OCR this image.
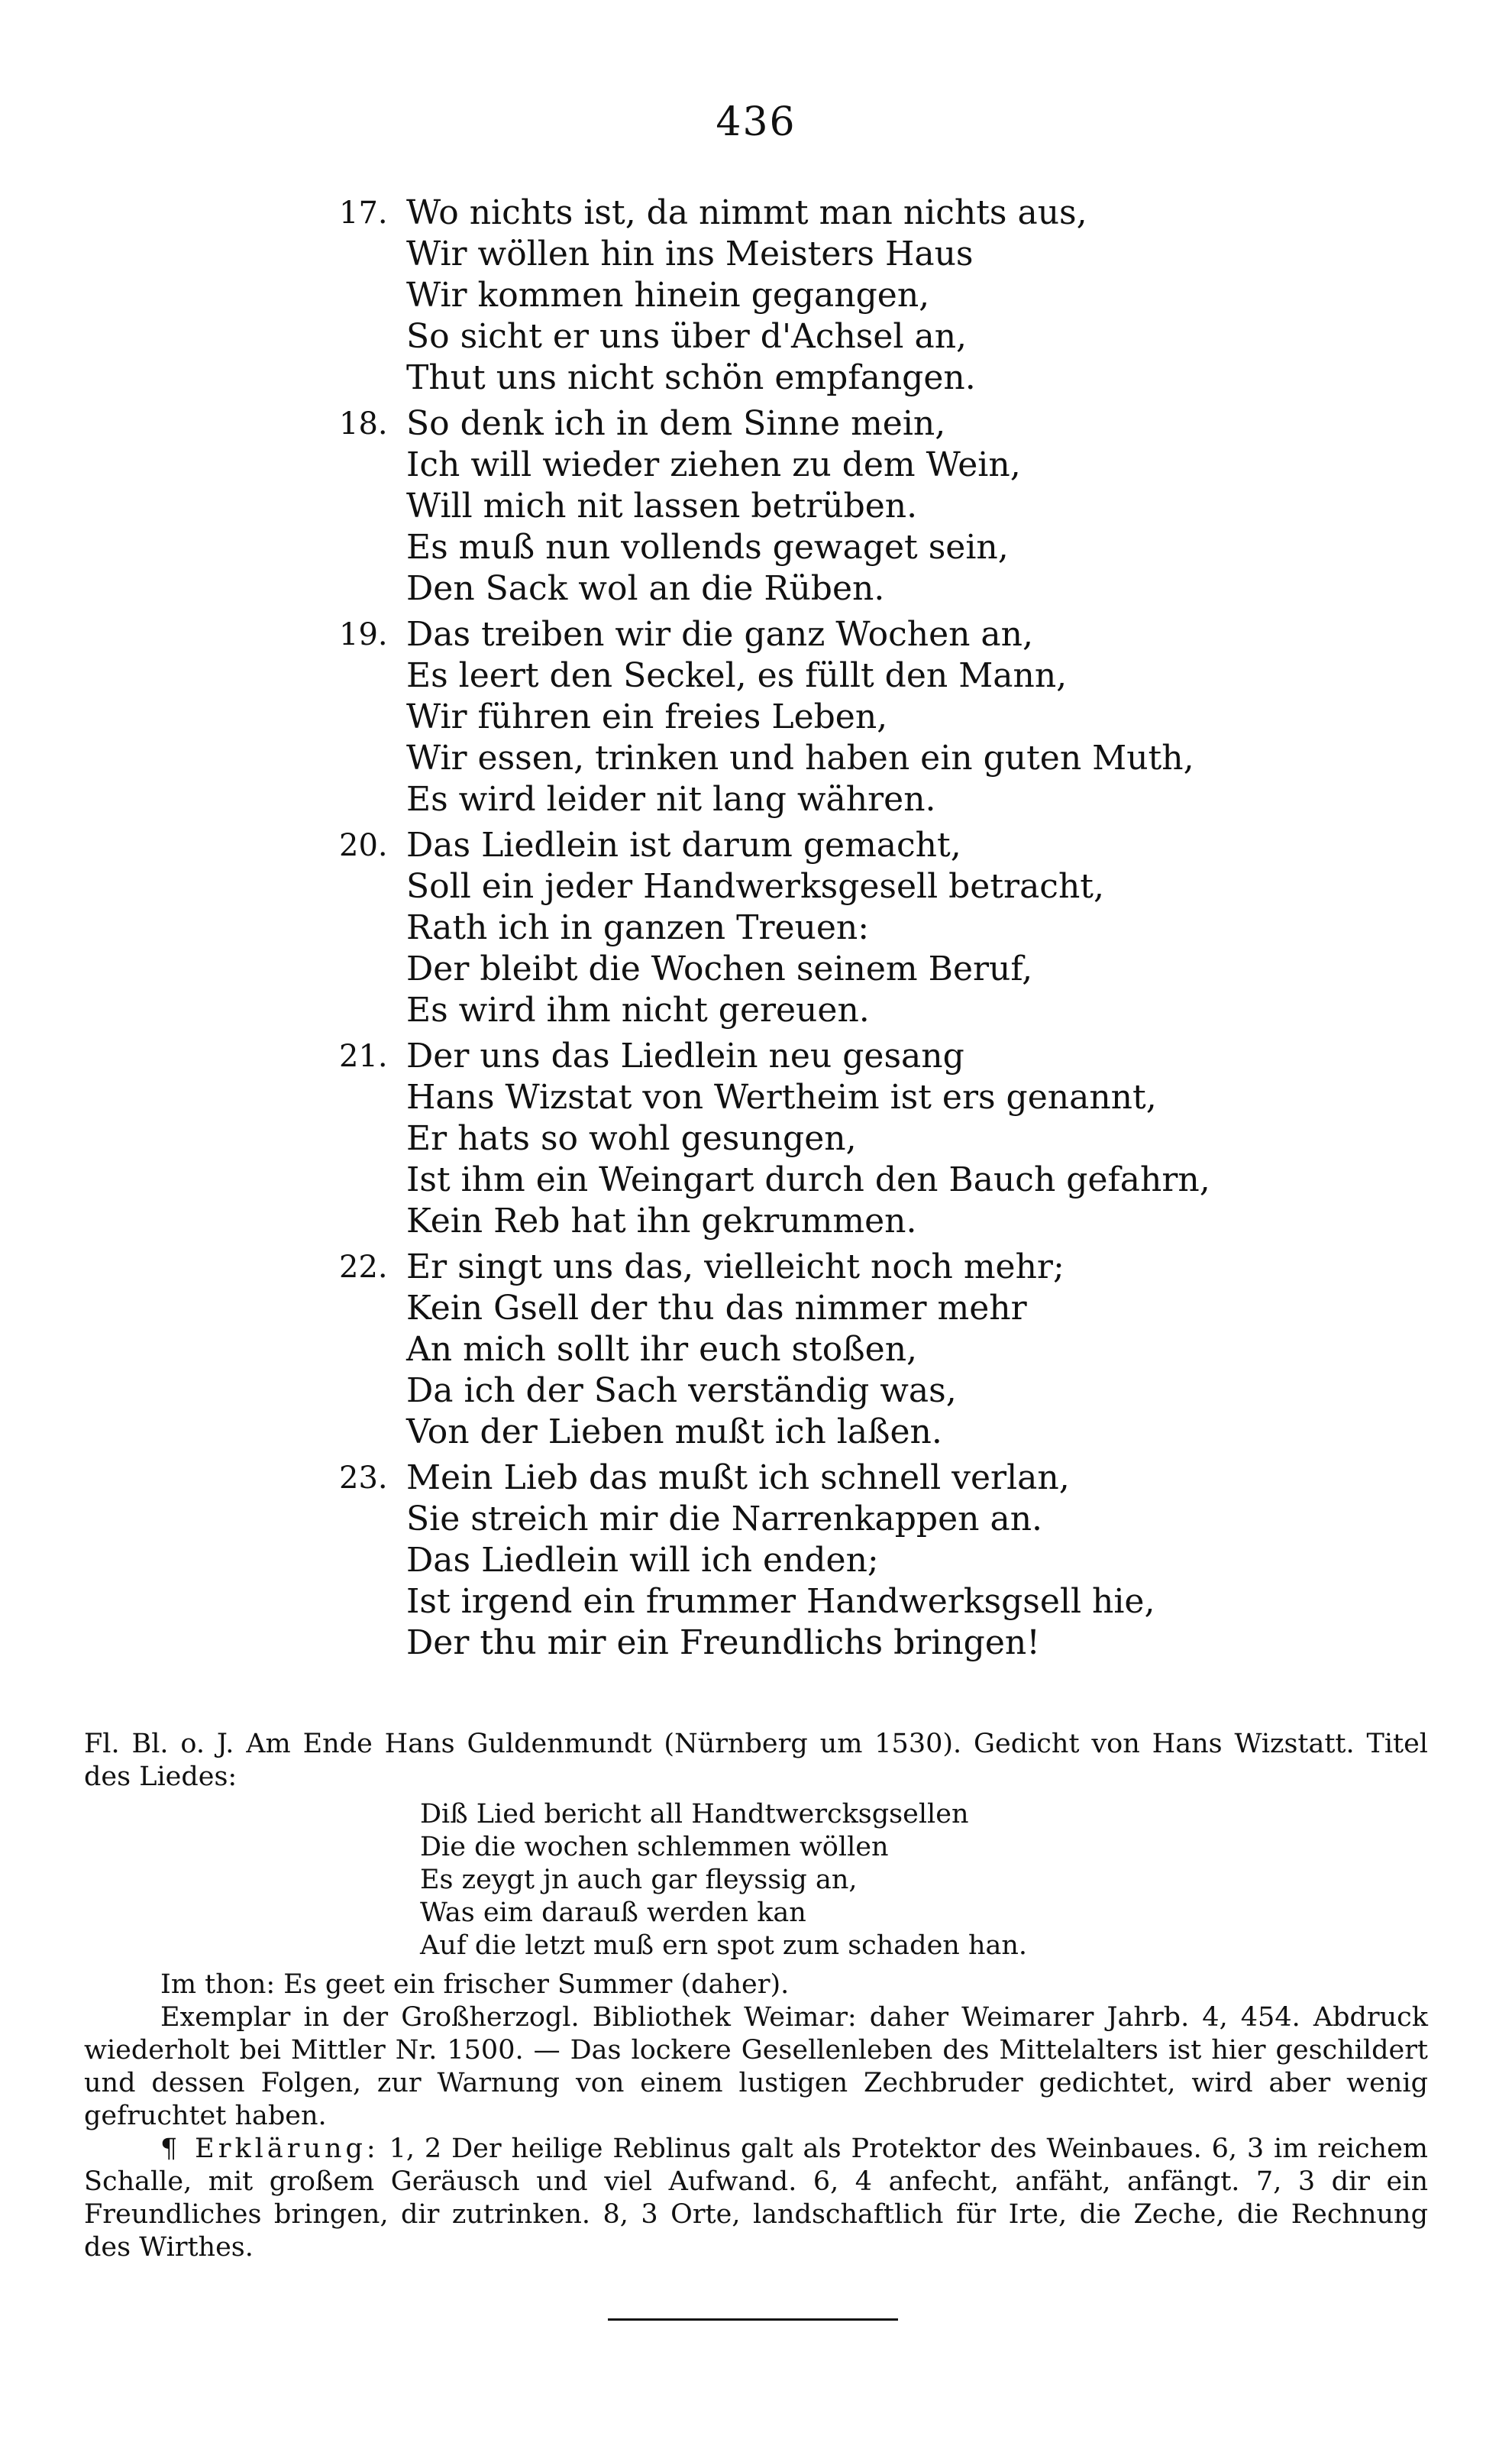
436
17. Wo nichts ist, da nimmt man nichts aus,
Wir wöllen hin ins Meisters Haus
Wir kommen hinein gegangen,
So sicht er uns über d'Achsel an,
Thut uns nicht schön empfangen.
18. So denk ich in dem Sinne mein,
Ich will wieder ziehen zu dem Wein,
Will mich nit lassen betrüben.
Es muß nun vollends gewaget sein,
Den Sack wol an die Rüben.
19. Das treiben wir die ganz Wochen an,
Es leert den Seckel, es füllt den Mann,
Wir führen ein freies Leben,
Wir essen, trinken und haben ein guten Muth,
Es wird leider nit lang währen.
20. Das Liedlein ist darum gemacht,
Soll ein jeder Handwerksgesell betracht,
Rath ich in ganzen Treuen:
Der bleibt die Wochen seinem Beruf,
Es wird ihm nicht gereuen.
21. Der uns das Liedlein neu gesang
Hans Wizstat von Wertheim ist ers genannt,
Er hats so wohl gesungen,
Ist ihm ein Weingart durch den Bauch gefahrn,
Kein Reb hat ihn gekrummen.
22. Er singt uns das, vielleicht noch mehr;
Kein Gsell der thu das nimmer mehr
An mich sollt ihr euch stoßen,
Da ich der Sach verständig was,
Von der Lieben mußt ich laßen.
23. Mein Lieb das mußt ich schnell verlan,
Sie streich mir die Narrenkappen an.
Das Liedlein will ich enden;
Ist irgend ein frummer Handwerksgsell hie,
Der thu mir ein Freundlichs bringen!
Fl. Bl. o. J. Am Ende Hans Guldenmundt (Nürnberg um 1530). Gedicht von Hans Wizstatt. Titel des Liedes:
Diß Lied bericht all Handtwercksgsellen
Die die wochen schlemmen wöllen
Es zeygt jn auch gar fleyssig an,
Was eim darauß werden kan
Auf die letzt muß ern spot zum schaden han.
Im thon: Es geet ein frischer Summer (daher).
Exemplar in der Großherzogl. Bibliothek Weimar: daher Weimarer Jahrb. 4, 454. Abdruck wiederholt bei Mittler Nr. 1500. — Das lockere Gesellenleben des Mittelalters ist hier geschildert und dessen Folgen, zur Warnung von einem lustigen Zechbruder gedichtet, wird aber wenig gefruchtet haben.
¶ Erklärung: 1, 2 Der heilige Reblinus galt als Protektor des Weinbaues. 6, 3 im reichem Schalle, mit großem Geräusch und viel Aufwand. 6, 4 anfecht, anfäht, anfängt. 7, 3 dir ein Freundliches bringen, dir zutrinken. 8, 3 Orte, landschaftlich für Irte, die Zeche, die Rechnung des Wirthes.
